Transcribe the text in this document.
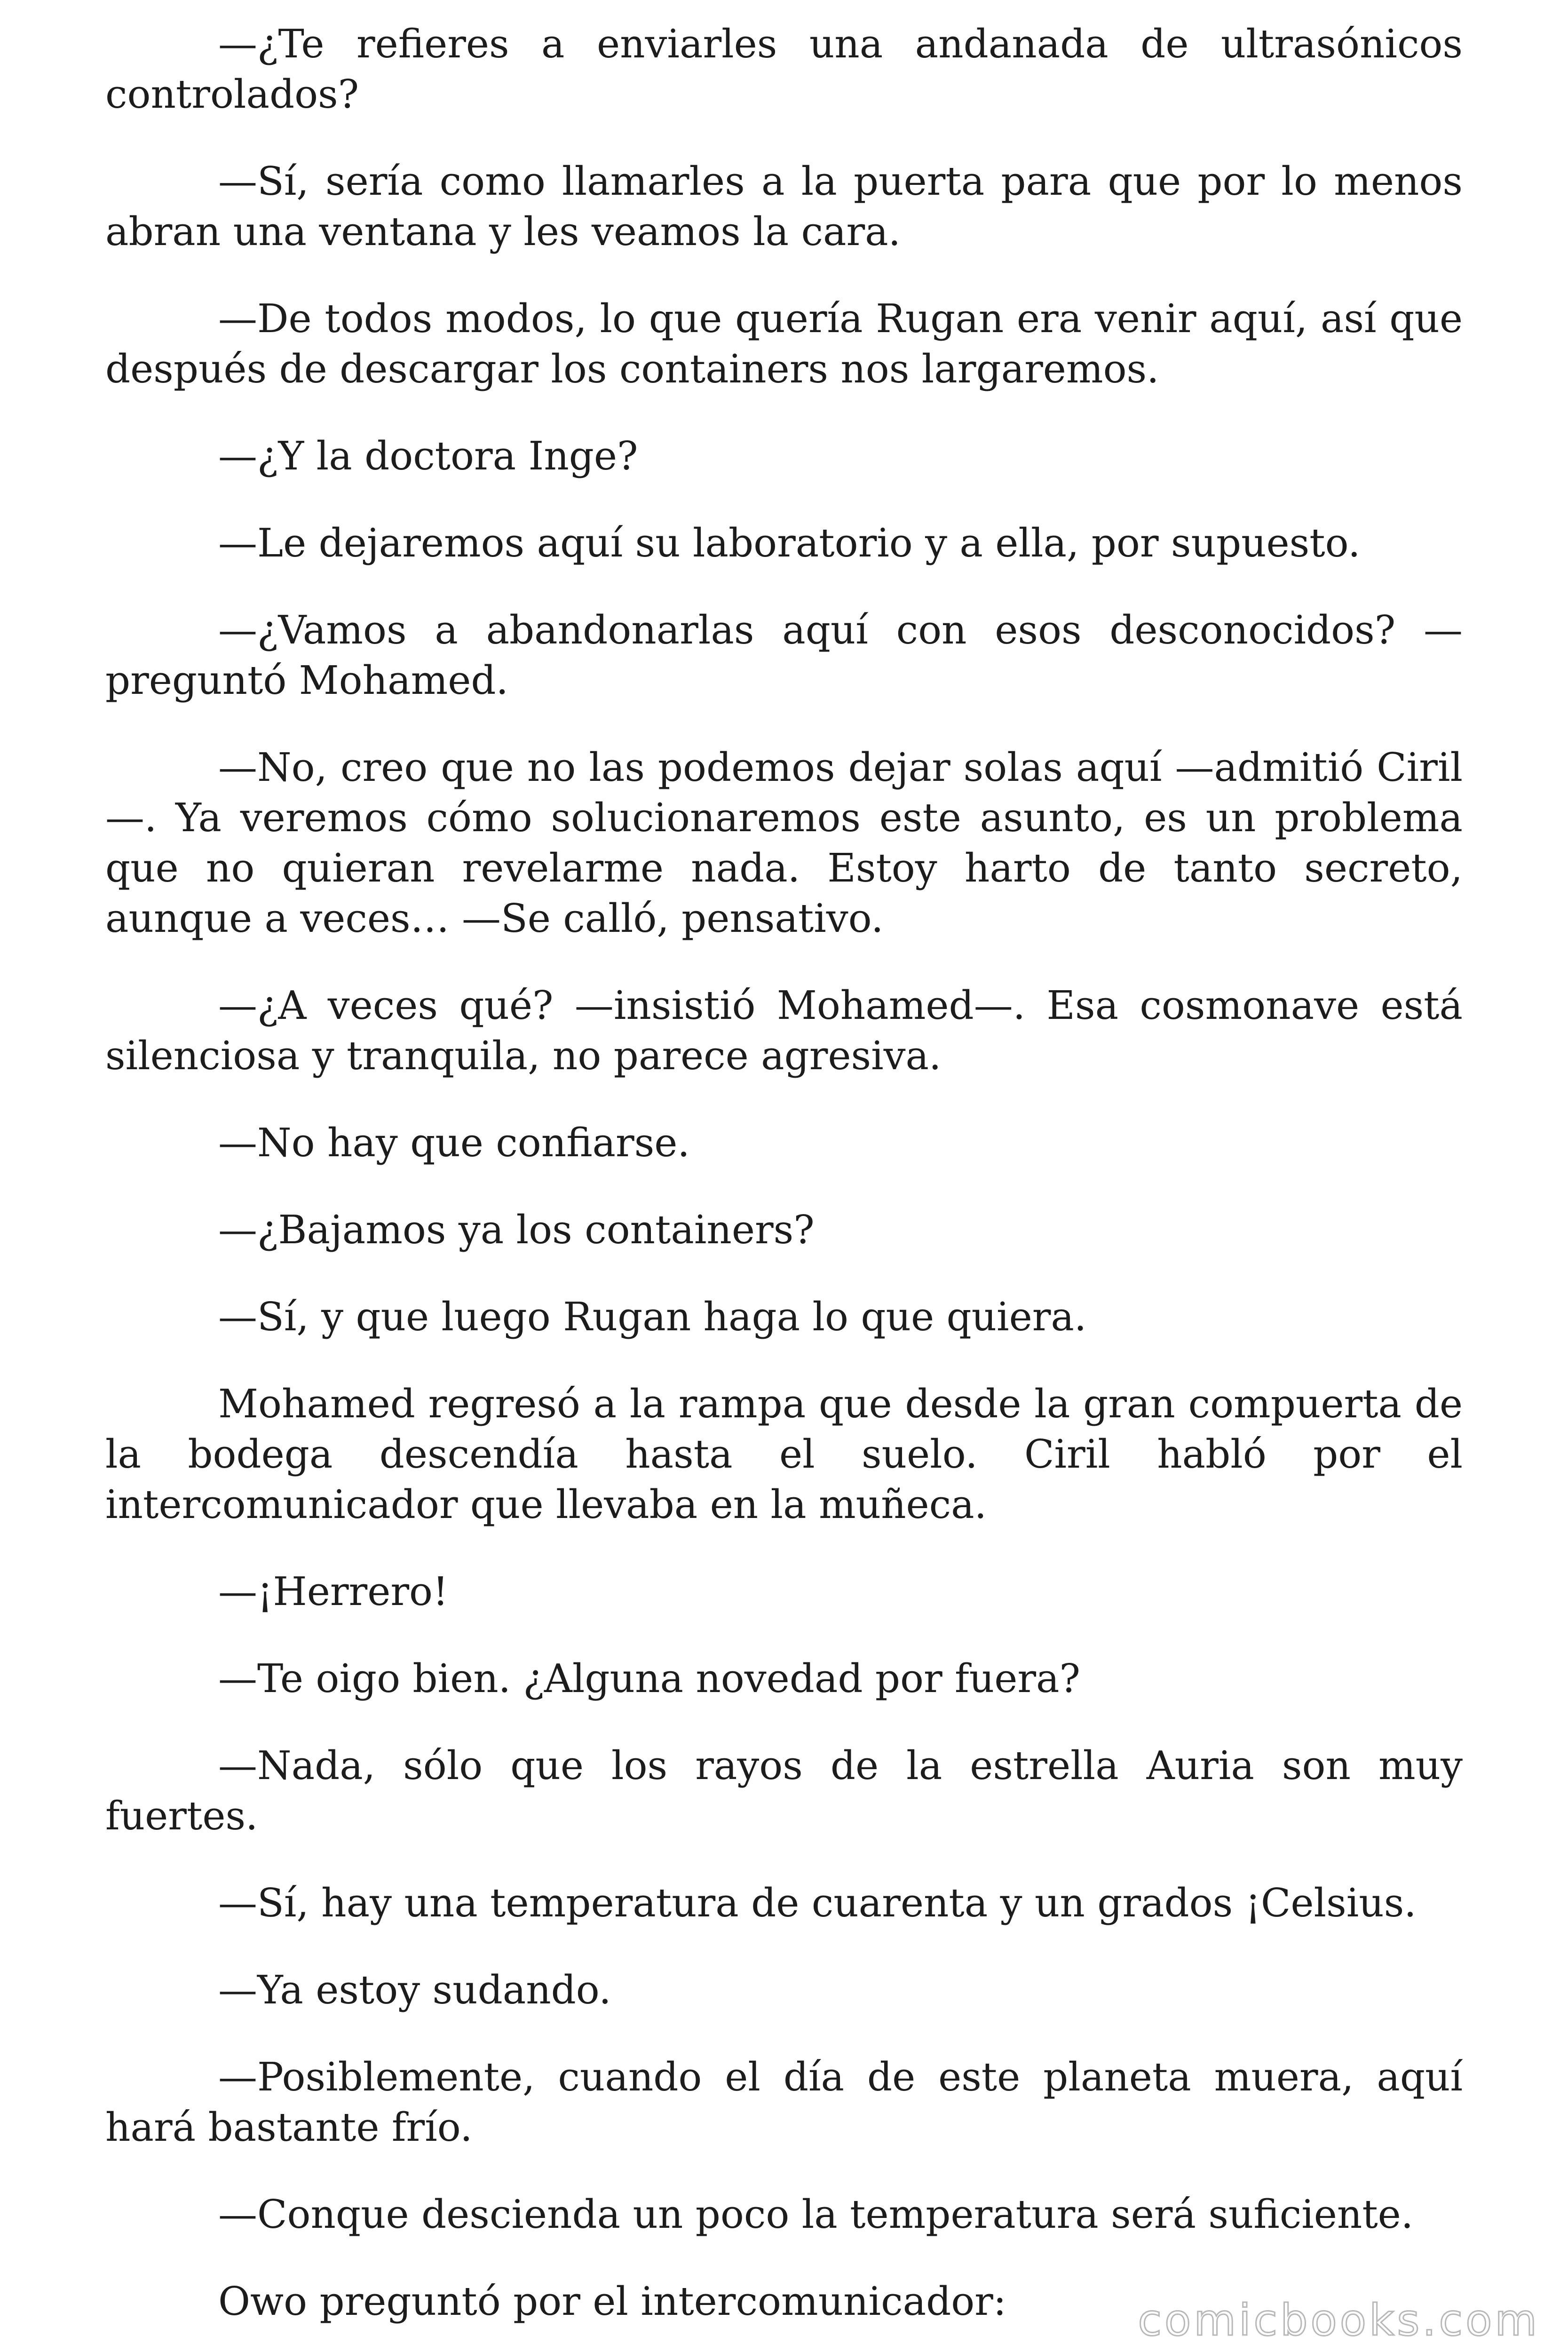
—¿Te refieres a enviarles una andanada de ultrasónicos controlados?

—Sí, sería como llamarles a la puerta para que por lo menos abran una ventana y les veamos la cara.

—De todos modos, lo que quería Rugan era venir aquí, así que después de descargar los containers nos largaremos.

—¿Y la doctora Inge?

—Le dejaremos aquí su laboratorio y a ella, por supuesto.

—¿Vamos a abandonarlas aquí con esos desconocidos? —preguntó Mohamed.

—No, creo que no las podemos dejar solas aquí —admitió Ciril—. Ya veremos cómo solucionaremos este asunto, es un problema que no quieran revelarme nada. Estoy harto de tanto secreto, aunque a veces… —Se calló, pensativo.

—¿A veces qué? —insistió Mohamed—. Esa cosmonave está silenciosa y tranquila, no parece agresiva.

—No hay que confiarse.

—¿Bajamos ya los containers?

—Sí, y que luego Rugan haga lo que quiera.

Mohamed regresó a la rampa que desde la gran compuerta de la bodega descendía hasta el suelo. Ciril habló por el intercomunicador que llevaba en la muñeca.

—¡Herrero!

—Te oigo bien. ¿Alguna novedad por fuera?

—Nada, sólo que los rayos de la estrella Auria son muy fuertes.

—Sí, hay una temperatura de cuarenta y un grados ¡Celsius.

—Ya estoy sudando.

—Posiblemente, cuando el día de este planeta muera, aquí hará bastante frío.

—Conque descienda un poco la temperatura será suficiente.

Owo preguntó por el intercomunicador:	comicbooks.com
